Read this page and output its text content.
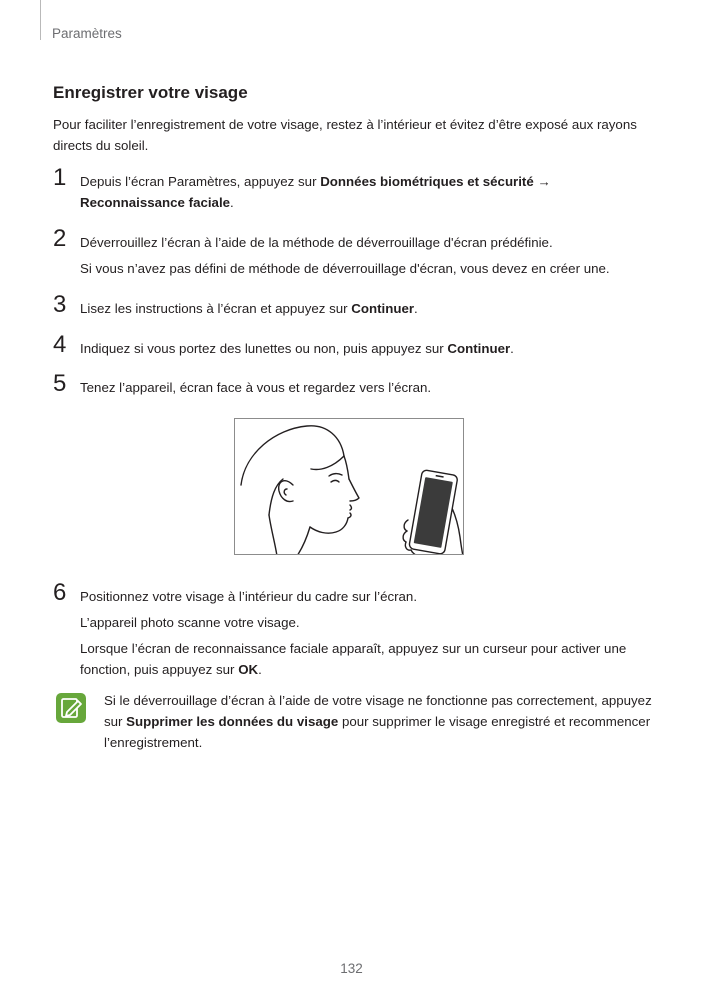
Paramètres
Enregistrer votre visage

Pour faciliter l’enregistrement de votre visage, restez à l’intérieur et évitez d’être exposé aux rayons directs du soleil.

1	Depuis l’écran Paramètres, appuyez sur Données biométriques et sécurité → Reconnaissance faciale.

2	Déverrouillez l’écran à l’aide de la méthode de déverrouillage d'écran prédéfinie.

Si vous n’avez pas défini de méthode de déverrouillage d'écran, vous devez en créer une.

3	Lisez les instructions à l’écran et appuyez sur Continuer.

4	Indiquez si vous portez des lunettes ou non, puis appuyez sur Continuer.

5	Tenez l’appareil, écran face à vous et regardez vers l’écran.

6	Positionnez votre visage à l’intérieur du cadre sur l’écran.

L’appareil photo scanne votre visage.

Lorsque l’écran de reconnaissance faciale apparaît, appuyez sur un curseur pour activer une fonction, puis appuyez sur OK.

Si le déverrouillage d’écran à l’aide de votre visage ne fonctionne pas correctement, appuyez sur Supprimer les données du visage pour supprimer le visage enregistré et recommencer l’enregistrement.

132
